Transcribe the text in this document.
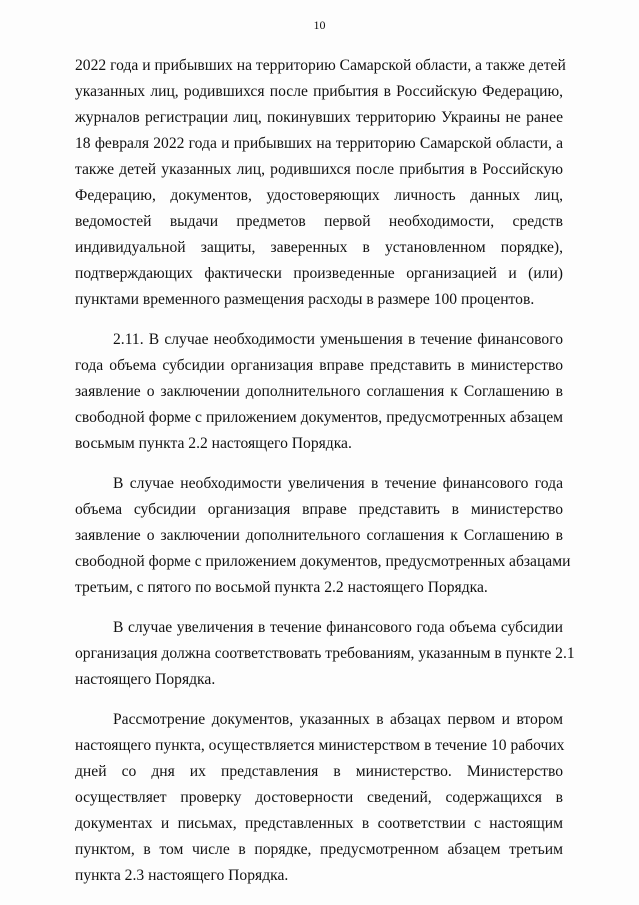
10
2022 года и прибывших на территорию Самарской области, а также детей
указанных лиц, родившихся после прибытия в Российскую Федерацию,
журналов регистрации лиц, покинувших территорию Украины не ранее
18 февраля 2022 года и прибывших на территорию Самарской области, а
также детей указанных лиц, родившихся после прибытия в Российскую
Федерацию, документов, удостоверяющих личность данных лиц,
ведомостей выдачи предметов первой необходимости, средств
индивидуальной защиты, заверенных в установленном порядке),
подтверждающих фактически произведенные организацией и (или)
пунктами временного размещения расходы в размере 100 процентов.
2.11. В случае необходимости уменьшения в течение финансового
года объема субсидии организация вправе представить в министерство
заявление о заключении дополнительного соглашения к Соглашению в
свободной форме с приложением документов, предусмотренных абзацем
восьмым пункта 2.2 настоящего Порядка.
В случае необходимости увеличения в течение финансового года
объема субсидии организация вправе представить в министерство
заявление о заключении дополнительного соглашения к Соглашению в
свободной форме с приложением документов, предусмотренных абзацами
третьим, с пятого по восьмой пункта 2.2 настоящего Порядка.
В случае увеличения в течение финансового года объема субсидии
организация должна соответствовать требованиям, указанным в пункте 2.1
настоящего Порядка.
Рассмотрение документов, указанных в абзацах первом и втором
настоящего пункта, осуществляется министерством в течение 10 рабочих
дней со дня их представления в министерство. Министерство
осуществляет проверку достоверности сведений, содержащихся в
документах и письмах, представленных в соответствии с настоящим
пунктом, в том числе в порядке, предусмотренном абзацем третьим
пункта 2.3 настоящего Порядка.
